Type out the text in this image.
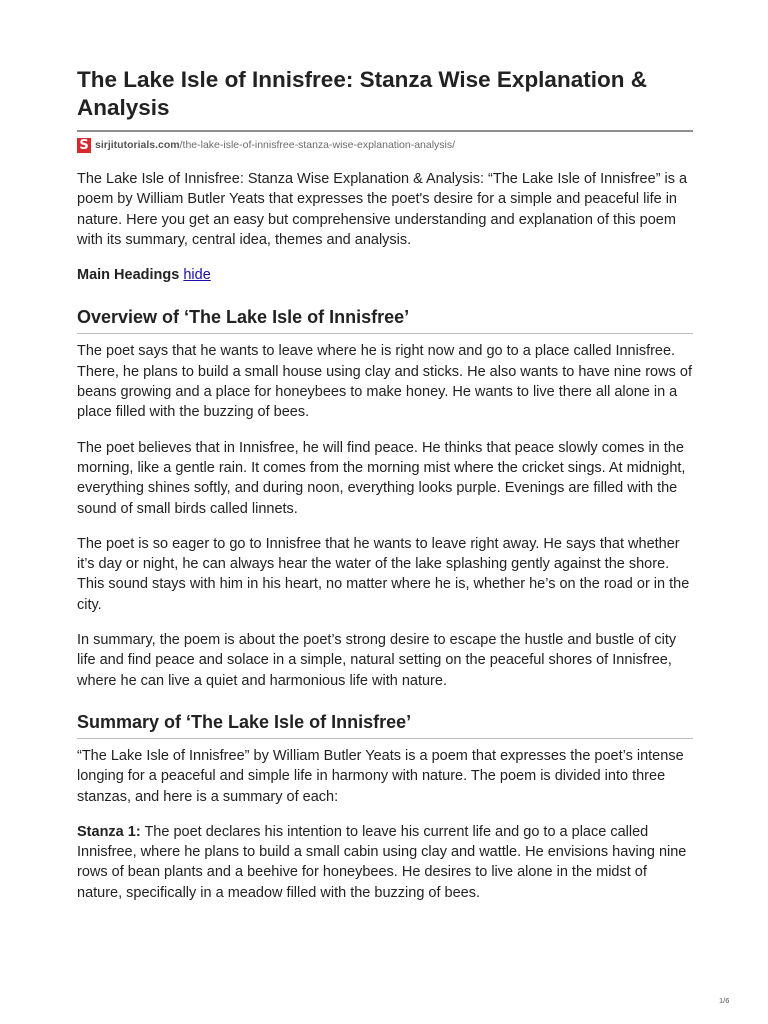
The Lake Isle of Innisfree: Stanza Wise Explanation & Analysis
S sirjitutorials.com /the-lake-isle-of-innisfree-stanza-wise-explanation-analysis/

The Lake Isle of Innisfree: Stanza Wise Explanation & Analysis: “The Lake Isle of Innisfree” is a poem by William Butler Yeats that expresses the poet's desire for a simple and peaceful life in nature. Here you get an easy but comprehensive understanding and explanation of this poem with its summary, central idea, themes and analysis.

Main Headings hide

Overview of ‘The Lake Isle of Innisfree’

The poet says that he wants to leave where he is right now and go to a place called Innisfree. There, he plans to build a small house using clay and sticks. He also wants to have nine rows of beans growing and a place for honeybees to make honey. He wants to live there all alone in a place filled with the buzzing of bees.

The poet believes that in Innisfree, he will find peace. He thinks that peace slowly comes in the morning, like a gentle rain. It comes from the morning mist where the cricket sings. At midnight, everything shines softly, and during noon, everything looks purple. Evenings are filled with the sound of small birds called linnets.

The poet is so eager to go to Innisfree that he wants to leave right away. He says that whether it’s day or night, he can always hear the water of the lake splashing gently against the shore. This sound stays with him in his heart, no matter where he is, whether he’s on the road or in the city.

In summary, the poem is about the poet’s strong desire to escape the hustle and bustle of city life and find peace and solace in a simple, natural setting on the peaceful shores of Innisfree, where he can live a quiet and harmonious life with nature.

Summary of ‘The Lake Isle of Innisfree’

“The Lake Isle of Innisfree” by William Butler Yeats is a poem that expresses the poet’s intense longing for a peaceful and simple life in harmony with nature. The poem is divided into three stanzas, and here is a summary of each:

Stanza 1: The poet declares his intention to leave his current life and go to a place called Innisfree, where he plans to build a small cabin using clay and wattle. He envisions having nine rows of bean plants and a beehive for honeybees. He desires to live alone in the midst of nature, specifically in a meadow filled with the buzzing of bees.

1/6
